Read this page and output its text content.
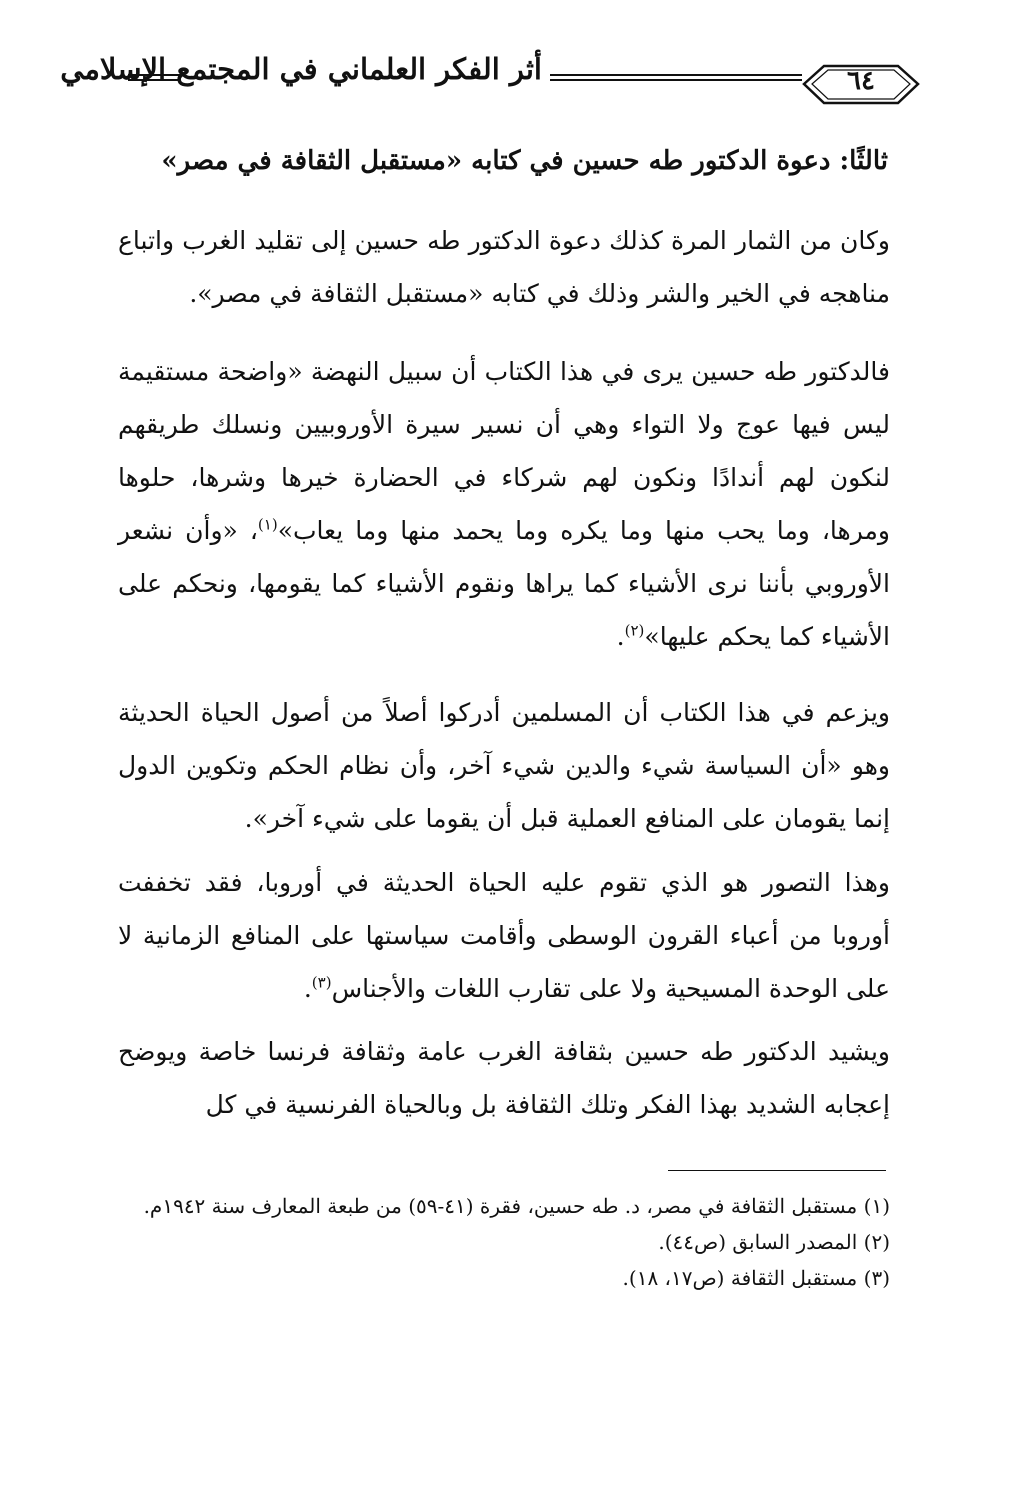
أثر الفكر العلماني في المجتمع الإسلامي	٦٤
ثالثًا: دعوة الدكتور طه حسين في كتابه «مستقبل الثقافة في مصر»
وكان من الثمار المرة كذلك دعوة الدكتور طه حسين إلى تقليد الغرب واتباع مناهجه في الخير والشر وذلك في كتابه «مستقبل الثقافة في مصر».
فالدكتور طه حسين يرى في هذا الكتاب أن سبيل النهضة «واضحة مستقيمة ليس فيها عوج ولا التواء وهي أن نسير سيرة الأوروبيين ونسلك طريقهم لنكون لهم أندادًا ونكون لهم شركاء في الحضارة خيرها وشرها، حلوها ومرها، وما يحب منها وما يكره وما يحمد منها وما يعاب»$^{(١)}$، «وأن نشعر الأوروبي بأننا نرى الأشياء كما يراها ونقوم الأشياء كما يقومها، ونحكم على الأشياء كما يحكم عليها»$^{(٢)}$.
ويزعم في هذا الكتاب أن المسلمين أدركوا أصلاً من أصول الحياة الحديثة وهو «أن السياسة شيء والدين شيء آخر، وأن نظام الحكم وتكوين الدول إنما يقومان على المنافع العملية قبل أن يقوما على شيء آخر».
وهذا التصور هو الذي تقوم عليه الحياة الحديثة في أوروبا، فقد تخففت أوروبا من أعباء القرون الوسطى وأقامت سياستها على المنافع الزمانية لا على الوحدة المسيحية ولا على تقارب اللغات والأجناس$^{(٣)}$.
ويشيد الدكتور طه حسين بثقافة الغرب عامة وثقافة فرنسا خاصة ويوضح إعجابه الشديد بهذا الفكر وتلك الثقافة بل وبالحياة الفرنسية في كل

(١) مستقبل الثقافة في مصر، د. طه حسين، فقرة (٤١-٥٩) من طبعة المعارف سنة ١٩٤٢م.

(٢) المصدر السابق (ص٤٤).

(٣) مستقبل الثقافة (ص١٧، ١٨).
